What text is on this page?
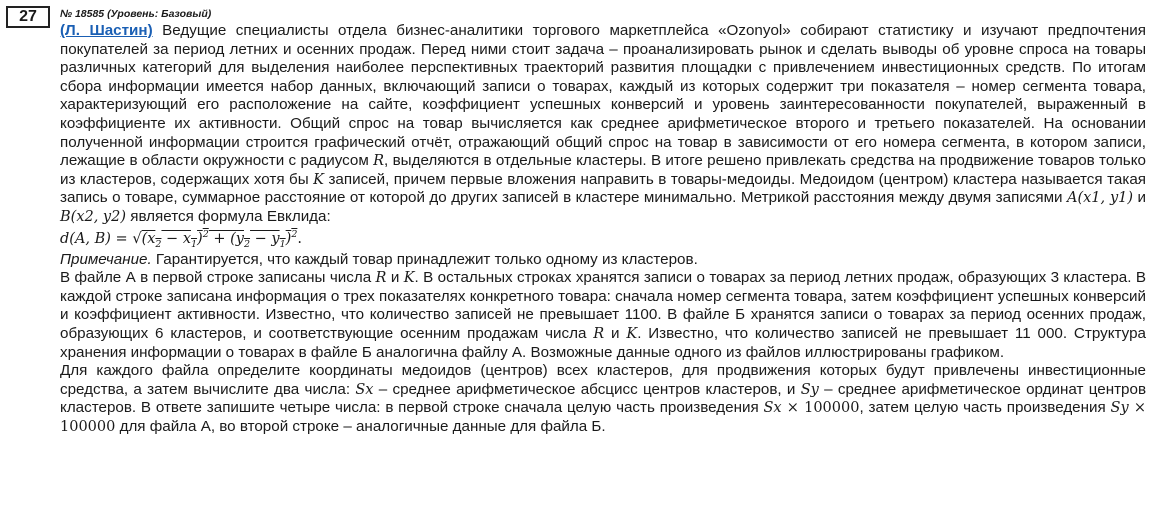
27	№ 18585 (Уровень: Базовый)

(Л. Шастин) Ведущие специалисты отдела бизнес-аналитики торгового маркетплейса «Ozonyol» собирают статистику и изучают предпочтения покупателей за период летних и осенних продаж. Перед ними стоит задача – проанализировать рынок и сделать выводы об уровне спроса на товары различных категорий для выделения наиболее перспективных траекторий развития площадки с привлечением инвестиционных средств. По итогам сбора информации имеется набор данных, включающий записи о товарах, каждый из которых содержит три показателя – номер сегмента товара, характеризующий его расположение на сайте, коэффициент успешных конверсий и уровень заинтересованности покупателей, выраженный в коэффициенте их активности. Общий спрос на товар вычисляется как среднее арифметическое второго и третьего показателей. На основании полученной информации строится графический отчёт, отражающий общий спрос на товар в зависимости от его номера сегмента, в котором записи, лежащие в области окружности с радиусом R, выделяются в отдельные кластеры. В итоге решено привлекать средства на продвижение товаров только из кластеров, содержащих хотя бы K записей, причем первые вложения направить в товары-медоиды. Медоидом (центром) кластера называется такая запись о товаре, суммарное расстояние от которой до других записей в кластере минимально. Метрикой расстояния между двумя записями A(x1, y1) и B(x2, y2) является формула Евклида:

d(A, $B) = √(x_2 - x_1)^2 + (y_2 - y_1)^2$.

Примечание. Гарантируется, что каждый товар принадлежит только одному из кластеров.

В файле А в первой строке записаны числа R и K. В остальных строках хранятся записи о товарах за период летних продаж, образующих 3 кластера. В каждой строке записана информация о трех показателях конкретного товара: сначала номер сегмента товара, затем коэффициент успешных конверсий и коэффициент активности. Известно, что количество записей не превышает 1100. В файле Б хранятся записи о товарах за период осенних продаж, образующих 6 кластеров, и соответствующие осенним продажам числа R и K. Известно, что количество записей не превышает 11 000. Структура хранения информации о товарах в файле Б аналогична файлу А. Возможные данные одного из файлов иллюстрированы графиком.

Для каждого файла определите координаты медоидов (центров) всех кластеров, для продвижения которых будут привлечены инвестиционные средства, а затем вычислите два числа: Sx – среднее арифметическое абсцисс центров кластеров, и Sy – среднее арифметическое ординат центров кластеров. В ответе запишите четыре числа: в первой строке сначала целую часть произведения Sx × 100000, затем целую часть произведения Sy × 100000 для файла А, во второй строке – аналогичные данные для файла Б.
